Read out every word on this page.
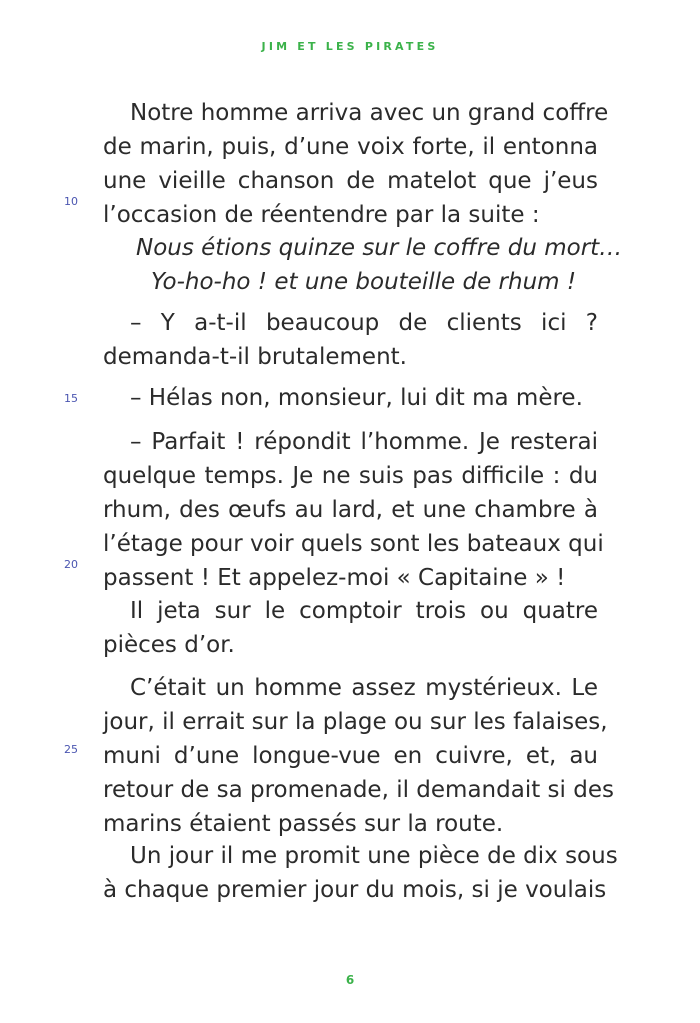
JIM ET LES PIRATES
Notre homme arriva avec un grand coffre
de marin, puis, d’une voix forte, il entonna
une vieille chanson de matelot que j’eus
l’occasion de réentendre par la suite :
Nous étions quinze sur le coffre du mort…
Yo-ho-ho ! et une bouteille de rhum !
– Y a-t-il beaucoup de clients ici ?
demanda-t-il brutalement.
– Hélas non, monsieur, lui dit ma mère.
– Parfait ! répondit l’homme. Je resterai
quelque temps. Je ne suis pas difficile : du
rhum, des œufs au lard, et une chambre à
l’étage pour voir quels sont les bateaux qui
passent ! Et appelez-moi « Capitaine » !
Il jeta sur le comptoir trois ou quatre
pièces d’or.
C’était un homme assez mystérieux. Le
jour, il errait sur la plage ou sur les falaises,
muni d’une longue-vue en cuivre, et, au
retour de sa promenade, il demandait si des
marins étaient passés sur la route.
Un jour il me promit une pièce de dix sous
à chaque premier jour du mois, si je voulais
10
15
20
25
6
